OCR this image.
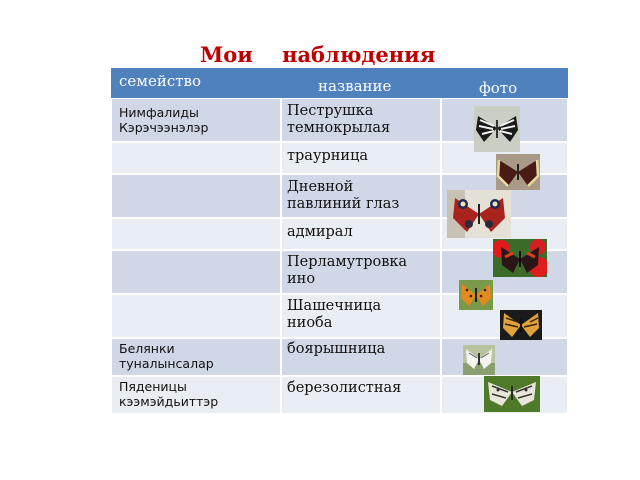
Мои    наблюдения
семейство	название	фото
Нимфалиды
Кэрэчээнэлэр
Белянки
туналынсалар
Пяденицы
кээмэйдьиттэр
Пеструшка
темнокрылая
траурница
Дневной
павлиний глаз
адмирал
Перламутровка
ино
Шашечница
ниоба
боярышница
березолистная
